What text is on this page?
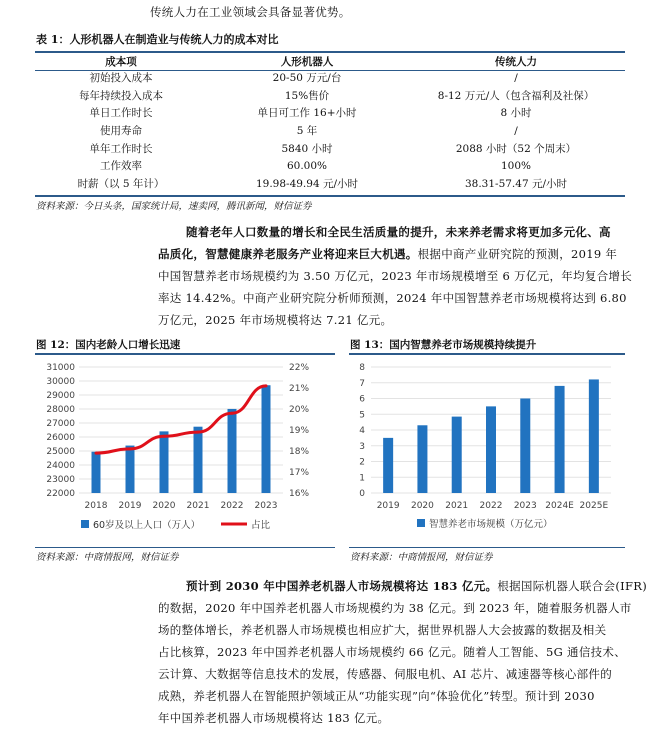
传统人力在工业领域会具备显著优势。
表 1：人形机器人在制造业与传统人力的成本对比
成本项	人形机器人	传统人力
初始投入成本	20-50 万元/台	/
每年持续投入成本	15%售价	8-12 万元/人（包含福利及社保）
单日工作时长	单日可工作 16+小时	8 小时
使用寿命	5 年	/
单年工作时长	5840 小时	2088 小时（52 个周末）
工作效率	60.00%	100%
时薪（以 5 年计）	19.98-49.94 元/小时	38.31-57.47 元/小时
资料来源：今日头条，国家统计局，速卖网，腾讯新闻，财信证券
随着老年人口数量的增长和全民生活质量的提升，未来养老需求将更加多元化、高
品质化，智慧健康养老服务产业将迎来巨大机遇。根据中商产业研究院的预测，2019 年
中国智慧养老市场规模约为 3.50 万亿元，2023 年市场规模增至 6 万亿元，年均复合增长
率达 14.42%。中商产业研究院分析师预测，2024 年中国智慧养老市场规模将达到 6.80
万亿元，2025 年市场规模将达 7.21 亿元。
图 12：国内老龄人口增长迅速
22000
23000
24000
25000
26000
27000
28000
29000
30000
31000
16%
17%
18%
19%
20%
21%
22%
2018 2019 2020 2021 2022 2023
60岁及以上人口（万人）	占比
资料来源：中商情报网，财信证券
图 13：国内智慧养老市场规模持续提升
0
1
2
3
4
5
6
7
8
2019 2020 2021 2022 2023 2024E 2025E
智慧养老市场规模（万亿元）
资料来源：中商情报网，财信证券
预计到 2030 年中国养老机器人市场规模将达 183 亿元。根据国际机器人联合会(IFR)
的数据，2020 年中国养老机器人市场规模约为 38 亿元。到 2023 年，随着服务机器人市
场的整体增长，养老机器人市场规模也相应扩大，据世界机器人大会披露的数据及相关
占比核算，2023 年中国养老机器人市场规模约 66 亿元。随着人工智能、5G 通信技术、
云计算、大数据等信息技术的发展，传感器、伺服电机、AI 芯片、减速器等核心部件的
成熟，养老机器人在智能照护领域正从“功能实现”向“体验优化”转型。预计到 2030
年中国养老机器人市场规模将达 183 亿元。
